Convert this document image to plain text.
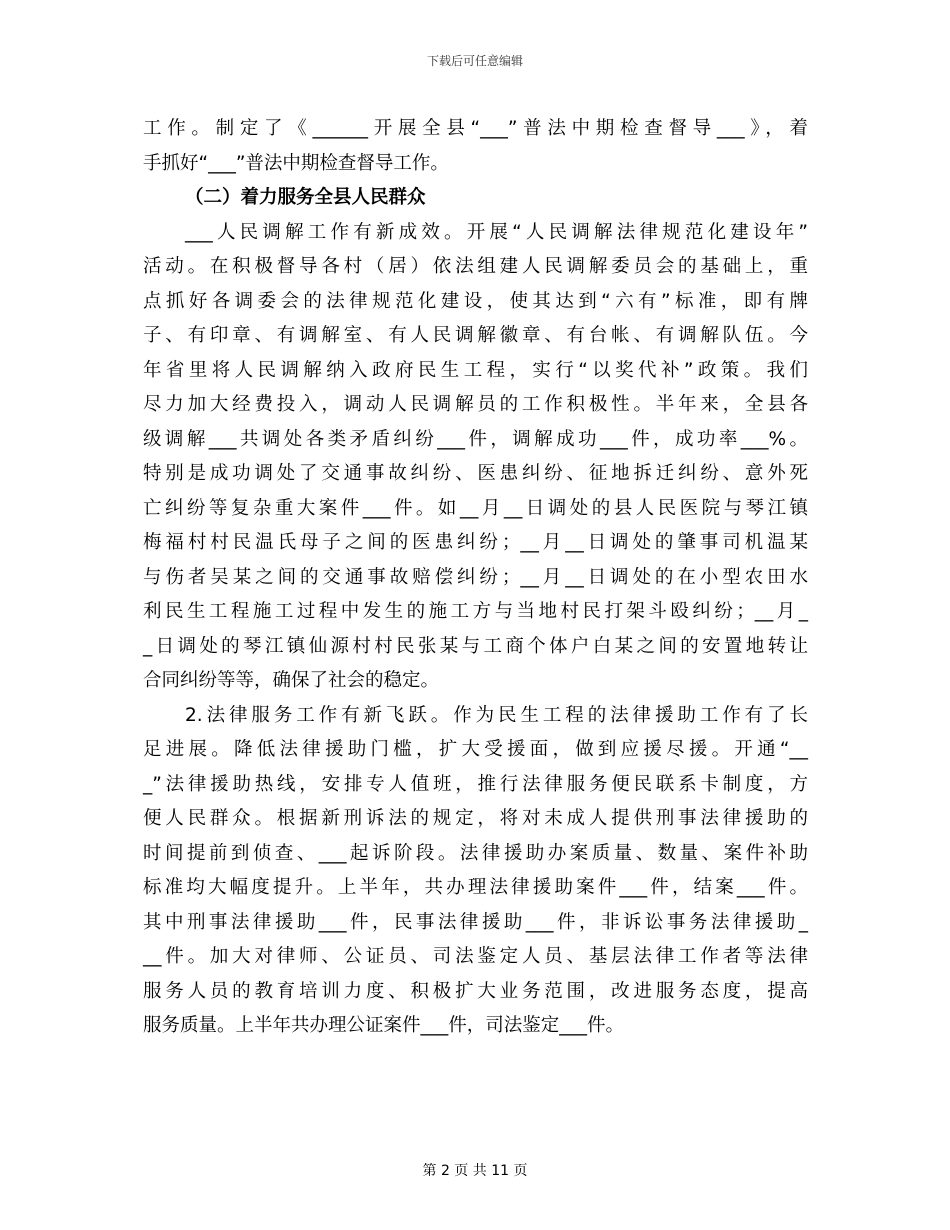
下载后可任意编辑
工作。制定了《______开展全县“___”普法中期检查督导___》，着
手抓好“___”普法中期检查督导工作。
（二）着力服务全县人民群众
___人民调解工作有新成效。开展“人民调解法律规范化建设年”
活动。在积极督导各村（居）依法组建人民调解委员会的基础上，重
点抓好各调委会的法律规范化建设，使其达到“六有”标准，即有牌
子、有印章、有调解室、有人民调解徽章、有台帐、有调解队伍。今
年省里将人民调解纳入政府民生工程，实行“以奖代补”政策。我们
尽力加大经费投入，调动人民调解员的工作积极性。半年来，全县各
级调解___共调处各类矛盾纠纷___件，调解成功___件，成功率___%。
特别是成功调处了交通事故纠纷、医患纠纷、征地拆迁纠纷、意外死
亡纠纷等复杂重大案件___件。如__月__日调处的县人民医院与琴江镇
梅福村村民温氏母子之间的医患纠纷；__月__日调处的肇事司机温某
与伤者吴某之间的交通事故赔偿纠纷；__月__日调处的在小型农田水
利民生工程施工过程中发生的施工方与当地村民打架斗殴纠纷；__月_
_日调处的琴江镇仙源村村民张某与工商个体户白某之间的安置地转让
合同纠纷等等，确保了社会的稳定。
2.法律服务工作有新飞跃。作为民生工程的法律援助工作有了长
足进展。降低法律援助门槛，扩大受援面，做到应援尽援。开通“__
_”法律援助热线，安排专人值班，推行法律服务便民联系卡制度，方
便人民群众。根据新刑诉法的规定，将对未成人提供刑事法律援助的
时间提前到侦查、___起诉阶段。法律援助办案质量、数量、案件补助
标准均大幅度提升。上半年，共办理法律援助案件___件，结案___件。
其中刑事法律援助___件，民事法律援助___件，非诉讼事务法律援助_
__件。加大对律师、公证员、司法鉴定人员、基层法律工作者等法律
服务人员的教育培训力度、积极扩大业务范围，改进服务态度，提高
服务质量。上半年共办理公证案件___件，司法鉴定___件。
第 2 页 共 11 页
